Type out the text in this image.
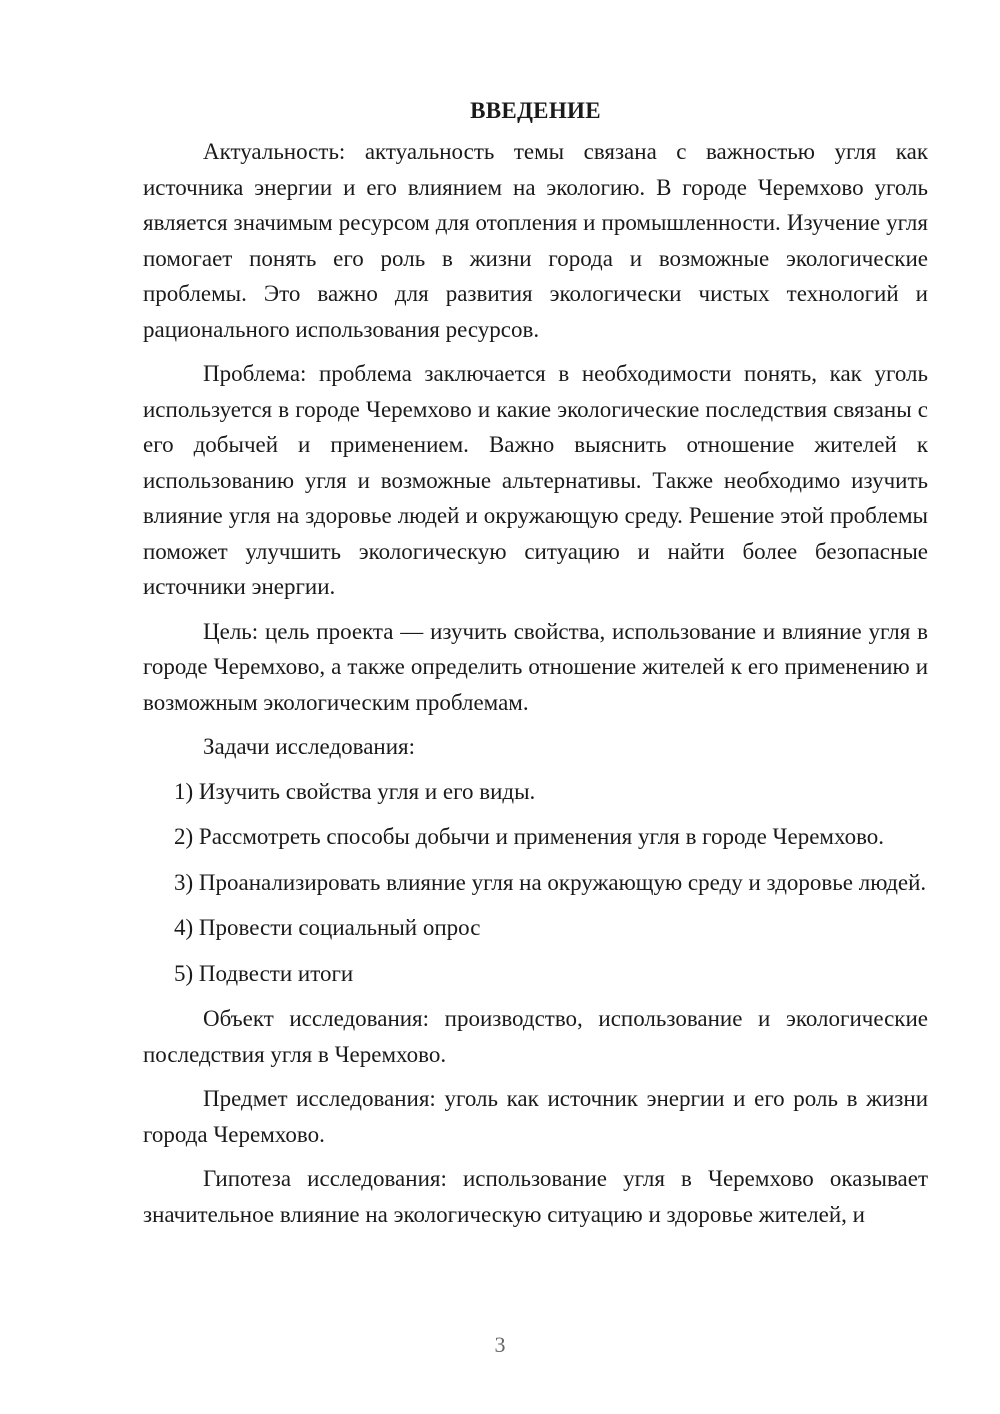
ВВЕДЕНИЕ

Актуальность: актуальность темы связана с важностью угля как источника энергии и его влиянием на экологию. В городе Черемхово уголь является значимым ресурсом для отопления и промышленности. Изучение угля помогает понять его роль в жизни города и возможные экологические проблемы. Это важно для развития экологически чистых технологий и рационального использования ресурсов.

Проблема: проблема заключается в необходимости понять, как уголь используется в городе Черемхово и какие экологические последствия связаны с его добычей и применением. Важно выяснить отношение жителей к использованию угля и возможные альтернативы. Также необходимо изучить влияние угля на здоровье людей и окружающую среду. Решение этой проблемы поможет улучшить экологическую ситуацию и найти более безопасные источники энергии.

Цель: цель проекта — изучить свойства, использование и влияние угля в городе Черемхово, а также определить отношение жителей к его применению и возможным экологическим проблемам.

Задачи исследования:

1) Изучить свойства угля и его виды.

2) Рассмотреть способы добычи и применения угля в городе Черемхово.

3) Проанализировать влияние угля на окружающую среду и здоровье людей.

4) Провести социальный опрос

5) Подвести итоги

Объект исследования: производство, использование и экологические последствия угля в Черемхово.

Предмет исследования: уголь как источник энергии и его роль в жизни города Черемхово.

Гипотеза исследования: использование угля в Черемхово оказывает значительное влияние на экологическую ситуацию и здоровье жителей, и

3
